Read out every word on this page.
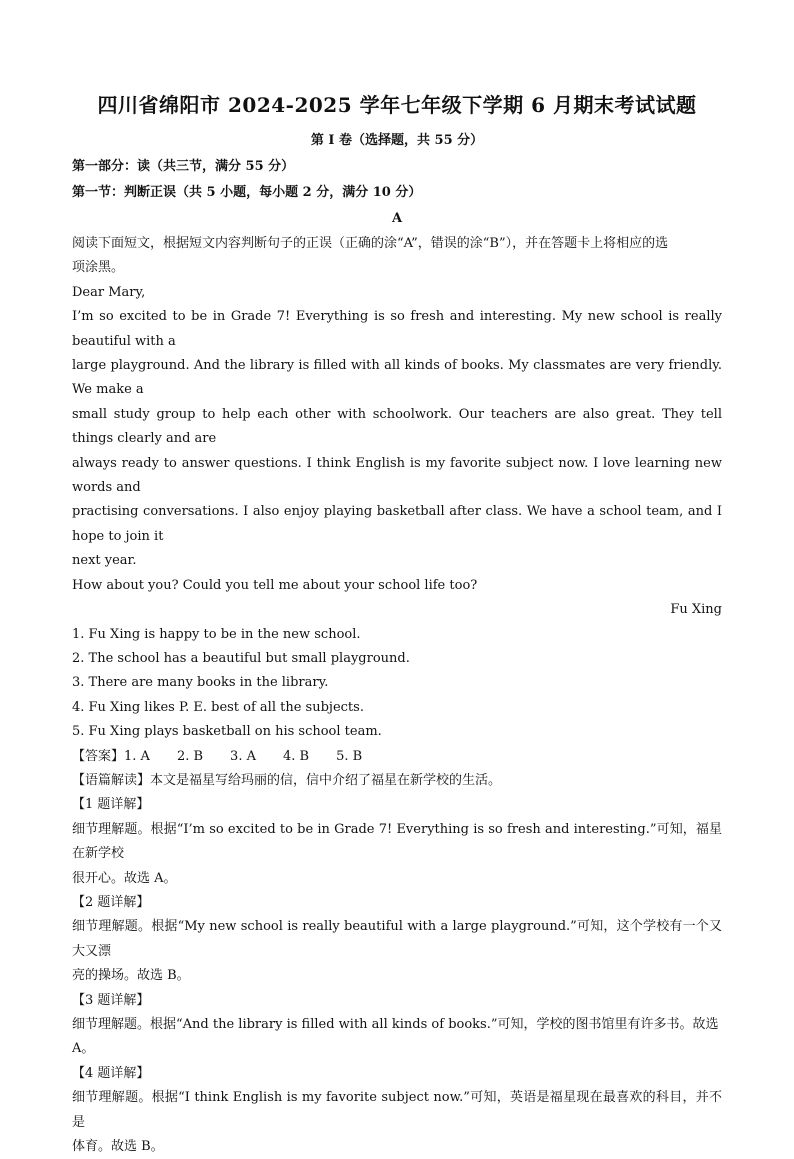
四川省绵阳市 2024-2025 学年七年级下学期 6 月期末考试试题
第 I 卷（选择题，共 55 分）
第一部分：读（共三节，满分 55 分）
第一节：判断正误（共 5 小题，每小题 2 分，满分 10 分）
A

阅读下面短文，根据短文内容判断句子的正误（正确的涂“A”，错误的涂“B”），并在答题卡上将相应的选

项涂黑。

Dear Mary,

I’m so excited to be in Grade 7! Everything is so fresh and interesting. My new school is really beautiful with a

large playground. And the library is filled with all kinds of books. My classmates are very friendly. We make a

small study group to help each other with schoolwork. Our teachers are also great. They tell things clearly and are

always ready to answer questions. I think English is my favorite subject now. I love learning new words and

practising conversations. I also enjoy playing basketball after class. We have a school team, and I hope to join it

next year.

How about you? Could you tell me about your school life too?

Fu Xing

1. Fu Xing is happy to be in the new school.

2. The school has a beautiful but small playground.

3. There are many books in the library.

4. Fu Xing likes P. E. best of all the subjects.

5. Fu Xing plays basketball on his school team.

【答案】 1. A 2. B 3. A 4. B 5. B

【语篇解读】本文是福星写给玛丽的信，信中介绍了福星在新学校的生活。

【1 题详解】

细节理解题。根据“I’m so excited to be in Grade 7! Everything is so fresh and interesting.”可知，福星在新学校

很开心。故选 A。

【2 题详解】

细节理解题。根据“My new school is really beautiful with a large playground.”可知，这个学校有一个又大又漂

亮的操场。故选 B。

【3 题详解】

细节理解题。根据“And the library is filled with all kinds of books.”可知，学校的图书馆里有许多书。故选

A。

【4 题详解】

细节理解题。根据“I think English is my favorite subject now.”可知，英语是福星现在最喜欢的科目，并不是

体育。故选 B。
